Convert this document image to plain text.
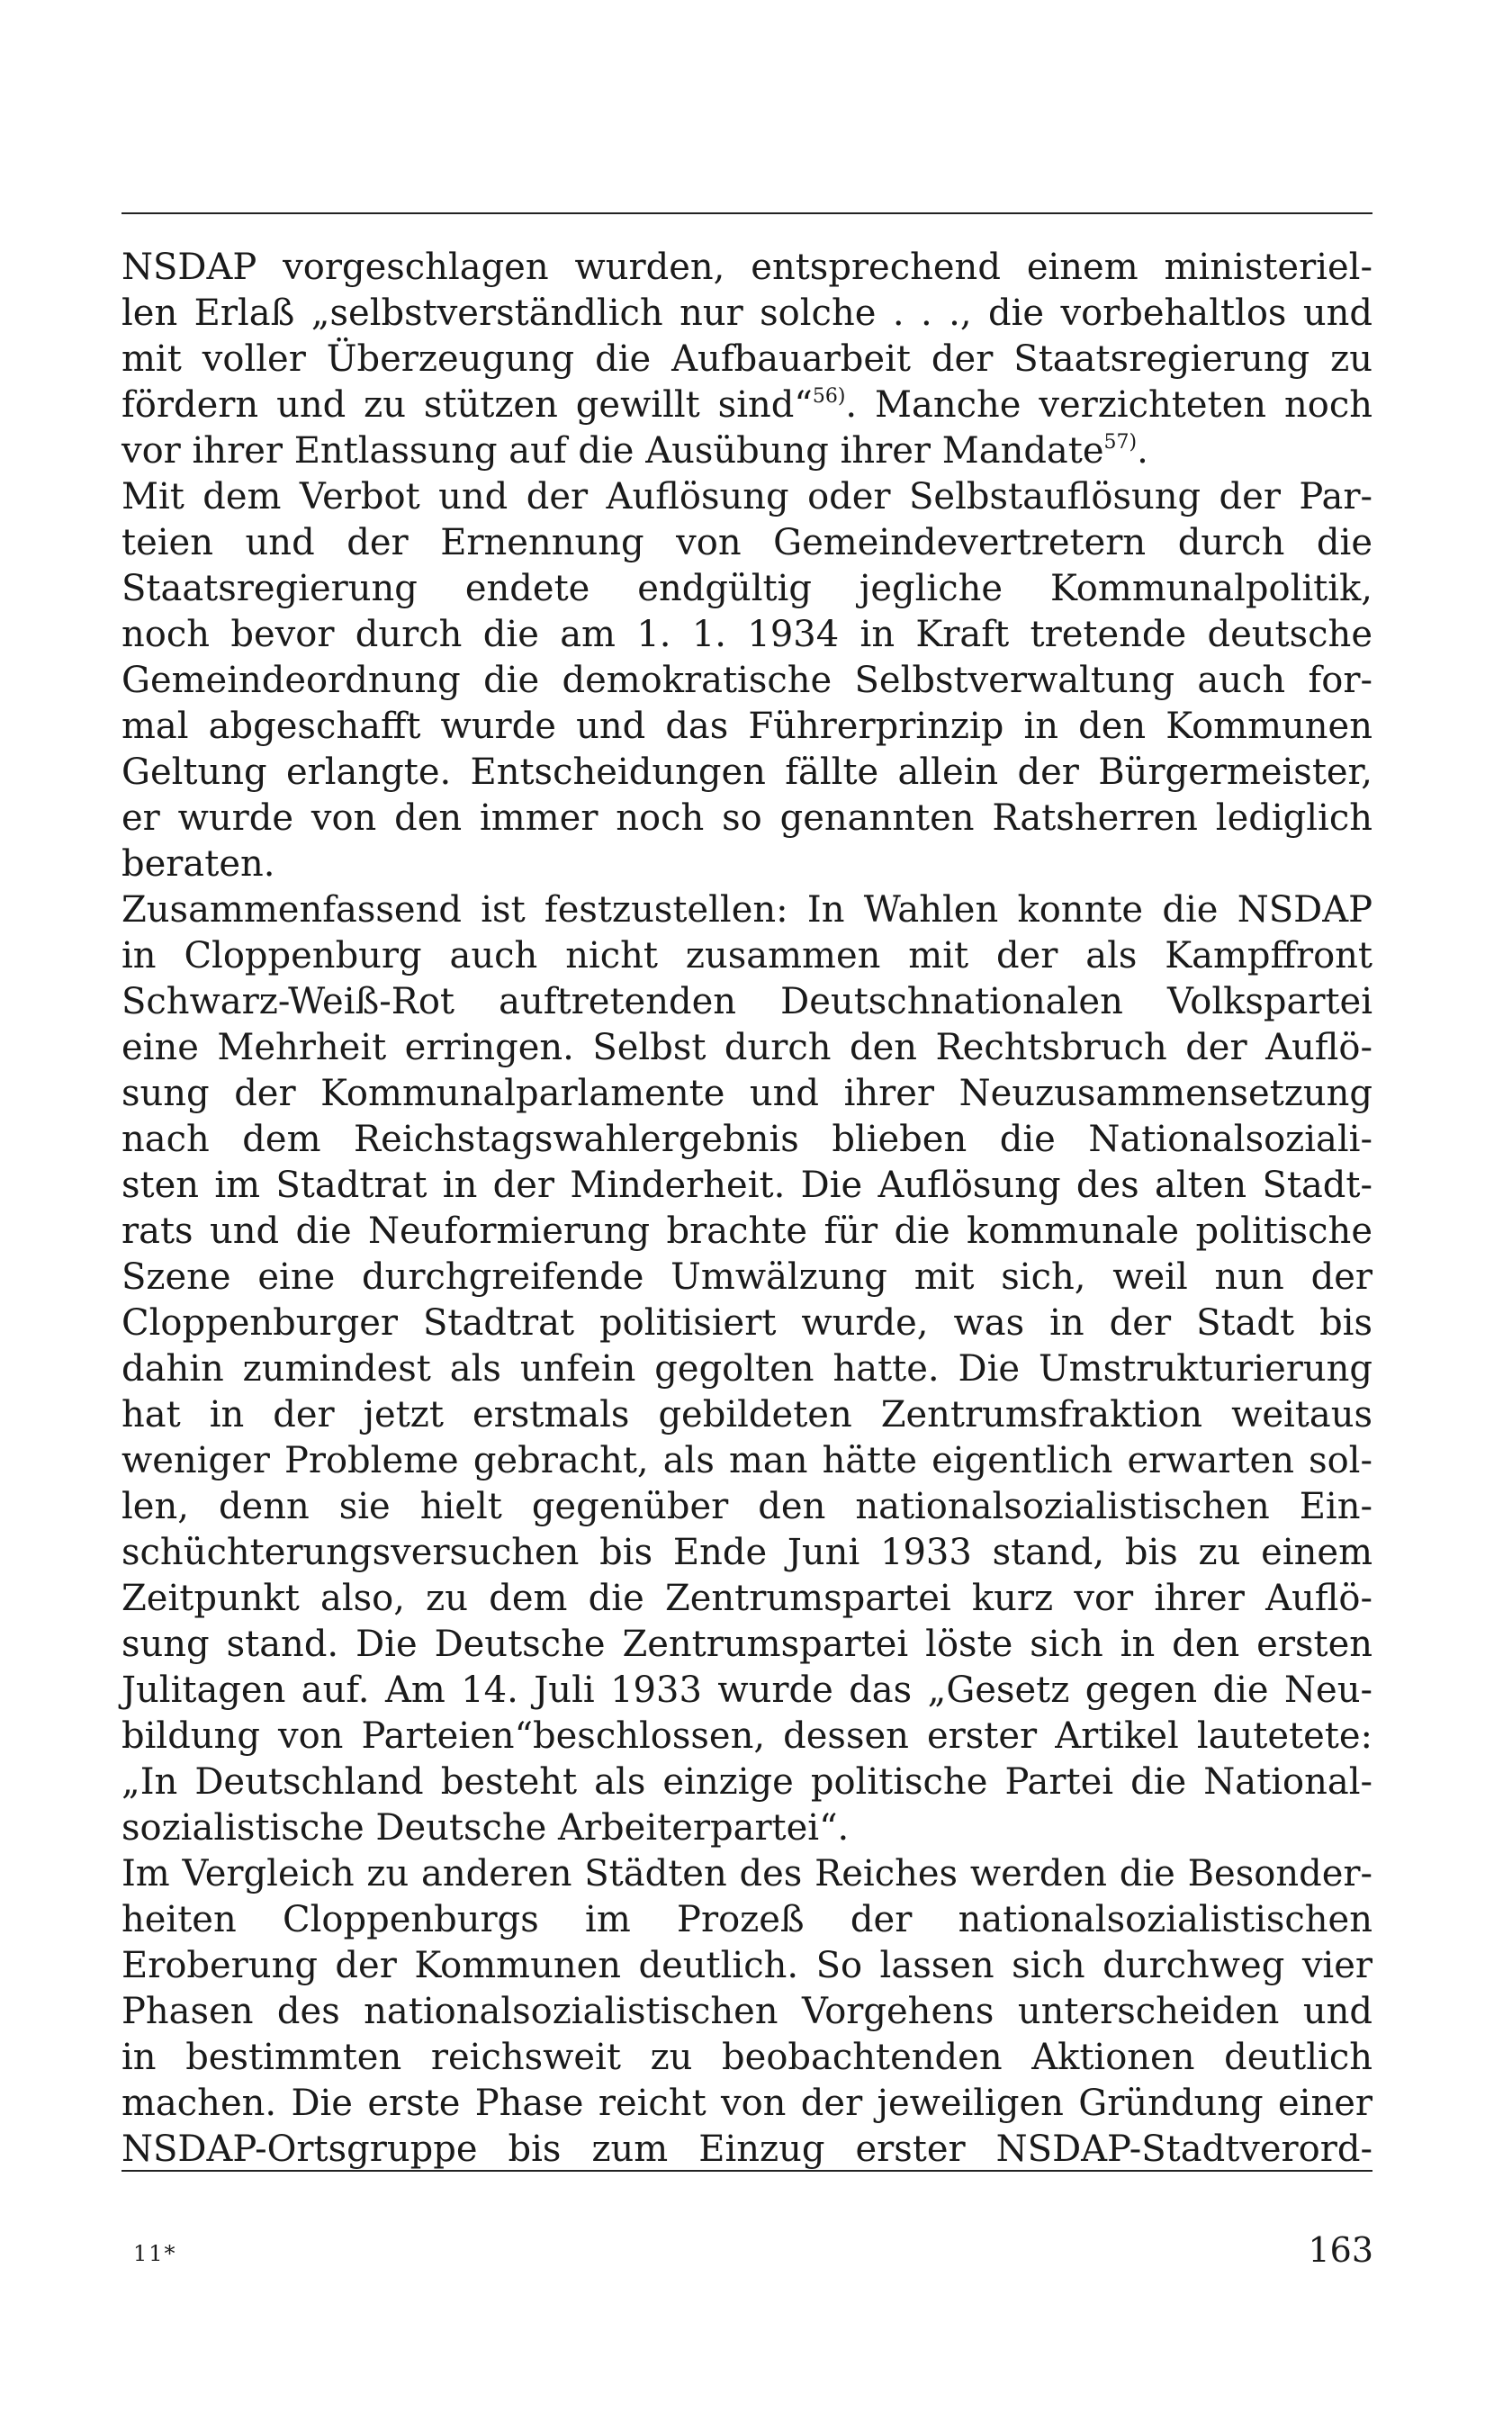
NSDAP vorgeschlagen wurden, entsprechend einem ministeriel-
len Erlaß „selbstverständlich nur solche . . ., die vorbehaltlos und
mit voller Überzeugung die Aufbauarbeit der Staatsregierung zu
fördern und zu stützen gewillt sind“$^{56)}$. Manche verzichteten noch
vor ihrer Entlassung auf die Ausübung ihrer Mandate$^{57)}$.
Mit dem Verbot und der Auflösung oder Selbstauflösung der Par-
teien und der Ernennung von Gemeindevertretern durch die
Staatsregierung endete endgültig jegliche Kommunalpolitik,
noch bevor durch die am 1. 1. 1934 in Kraft tretende deutsche
Gemeindeordnung die demokratische Selbstverwaltung auch for-
mal abgeschafft wurde und das Führerprinzip in den Kommunen
Geltung erlangte. Entscheidungen fällte allein der Bürgermeister,
er wurde von den immer noch so genannten Ratsherren lediglich
beraten.
Zusammenfassend ist festzustellen: In Wahlen konnte die NSDAP
in Cloppenburg auch nicht zusammen mit der als Kampffront
Schwarz-Weiß-Rot auftretenden Deutschnationalen Volkspartei
eine Mehrheit erringen. Selbst durch den Rechtsbruch der Auflö-
sung der Kommunalparlamente und ihrer Neuzusammensetzung
nach dem Reichstagswahlergebnis blieben die Nationalsoziali-
sten im Stadtrat in der Minderheit. Die Auflösung des alten Stadt-
rats und die Neuformierung brachte für die kommunale politische
Szene eine durchgreifende Umwälzung mit sich, weil nun der
Cloppenburger Stadtrat politisiert wurde, was in der Stadt bis
dahin zumindest als unfein gegolten hatte. Die Umstrukturierung
hat in der jetzt erstmals gebildeten Zentrumsfraktion weitaus
weniger Probleme gebracht, als man hätte eigentlich erwarten sol-
len, denn sie hielt gegenüber den nationalsozialistischen Ein-
schüchterungsversuchen bis Ende Juni 1933 stand, bis zu einem
Zeitpunkt also, zu dem die Zentrumspartei kurz vor ihrer Auflö-
sung stand. Die Deutsche Zentrumspartei löste sich in den ersten
Julitagen auf. Am 14. Juli 1933 wurde das „Gesetz gegen die Neu-
bildung von Parteien“beschlossen, dessen erster Artikel lautetete:
„In Deutschland besteht als einzige politische Partei die National-
sozialistische Deutsche Arbeiterpartei“.
Im Vergleich zu anderen Städten des Reiches werden die Besonder-
heiten Cloppenburgs im Prozeß der nationalsozialistischen
Eroberung der Kommunen deutlich. So lassen sich durchweg vier
Phasen des nationalsozialistischen Vorgehens unterscheiden und
in bestimmten reichsweit zu beobachtenden Aktionen deutlich
machen. Die erste Phase reicht von der jeweiligen Gründung einer
NSDAP-Ortsgruppe bis zum Einzug erster NSDAP-Stadtverord-
11*	163
